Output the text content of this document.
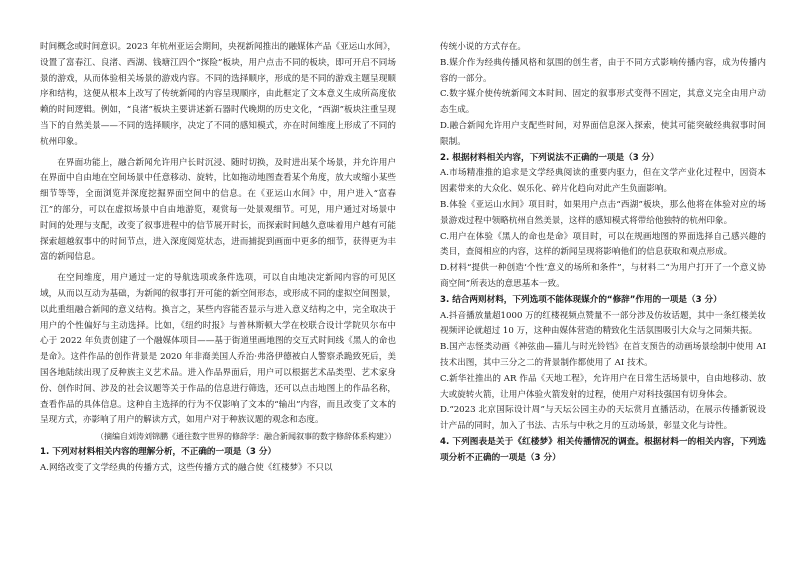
时间概念或时间意识。2023 年杭州亚运会期间，央视新闻推出的融媒体产品《亚运山水间》，设置了富春江、良渚、西湖、钱塘江四个“探险”板块，用户点击不同的板块，即可开启不同场景的游戏，从而体验相关场景的游戏内容。不同的选择顺序，形成的是不同的游戏主题呈现顺序和结构，这便从根本上改写了传统新闻的内容呈现顺序，由此框定了文本意义生成所高度依赖的时间逻辑。例如，“良渚”板块主要讲述新石器时代晚期的历史文化，“西湖”板块注重呈现当下的自然美景——不同的选择顺序，决定了不同的感知模式，亦在时间维度上形成了不同的杭州印象。

在界面功能上，融合新闻允许用户长时沉浸、随时切换，及时进出某个场景，并允许用户在界面中自由地在空间场景中任意移动、旋转，比如拖动地图查看某个角度，放大或缩小某些细节等等，全面浏览并深度挖掘界面空间中的信息。在《亚运山水间》中，用户进入“富春江”的部分，可以在虚拟场景中自由地游览，观赏每一处景观细节。可见，用户通过对场景中时间的处理与支配，改变了叙事进程中的信节展开时长，而探索时间越久意味着用户越有可能探索超越叙事中的时间节点，进入深度阅览状态，进而捕捉到画面中更多的细节，获得更为丰富的新闻信息。

在空间维度，用户通过一定的导航选项或条件选项，可以自由地决定新闻内容的可见区域，从而以互动为基础，为新闻的叙事打开可能的新空间形态，或形成不同的虚拟空间图景，以此重组融合新闻的意义结构。换言之，某些内容能否显示与进入意义结构之中，完全取决于用户的个性偏好与主动选择。比如，《纽约时报》与普林斯顿大学在校联合设计学院贝尔布中心于 2022 年负责创建了一个融媒体项目——基于街道里画地图的交互式时间线《黑人的命也是命》。这件作品的创作背景是 2020 年非裔美国人乔治·弗洛伊德被白人警察杀跪致死后，美国各地陆续出现了反种族主义艺术品。进入作品界面后，用户可以根据艺术品类型、艺术家身份、创作时间、涉及的社会议题等关于作品的信息进行筛选，还可以点击地图上的作品名称，查看作品的具体信息。这种自主选择的行为不仅影响了文本的“输出”内容，而且改变了文本的呈现方式，亦影响了用户的解读方式，如用户对于种族议题的观念和态度。

（摘编自刘涛刘锦鹏《通往数字世界的修辞学：融合新闻叙事的数字修辞体系构建》）

1. 下列对材料相关内容的理解分析，不正确的一项是（3 分）

A.网络改变了文学经典的传播方式，这些传播方式的融合使《红楼梦》不只以

传统小说的方式存在。

B.媒介作为经典传播风格和氛围的创生者，由于不同方式影响传播内容，成为传播内容的一部分。

C.数字媒介使传统新闻文本时间、固定的叙事形式变得不固定，其意义完全由用户动态生成。

D.融合新闻允许用户支配些时间，对界面信息深入探索，使其可能突破经典叙事时间限制。

2. 根据材料相关内容，下列说法不正确的一项是（3 分）

A.市场精准推的追求是文学经典阅读的重要内驱力，但在文学产业化过程中，因资本因素带来的大众化、娱乐化、碎片化趋向对此产生负面影响。

B.体验《亚运山水间》项目时，如果用户点击“西湖”板块，那么他将在体验对应的场景游戏过程中领略杭州自然美景，这样的感知模式将带给他独特的杭州印象。

C.用户在体验《黑人的命也是命》项目时，可以在规画地图的界面选择自己感兴趣的类目，查阅相应的内容，这样的新闻呈现将影响他们的信息获取和观点形成。

D.材料“提供一种创造‘个性’意义的场所和条件”，与材料二“为用户打开了一个意义协商空间”所表达的意思基本一致。

3. 结合两则材料，下列选项不能体现媒介的“修辞”作用的一项是（3 分）

A.抖音播放量超1000 万的红楼视频点赞量不一部分涉及仿妆话题，其中一条红楼美妆视频评论就超过 10 万，这种由媒体营造的精致化生活氛围吸引大众与之同频共振。

B.国产志怪类动画《神弦曲—猫儿与时光铃铛》在首支预告的动画场景绘制中使用 AI 技术出图，其中三分之二的背景制作都使用了 AI 技术。

C.新华社推出的 AR 作品《天地工程》，允许用户在日常生活场景中，自由地移动、放大或旋转火箭，让用户体验火箭发射的过程，使用户对科技强国有切身体会。

D.“2023 北京国际设计周”与天坛公园主办的天坛赏月直播活动，在展示传播新锐设计产品的同时，加入了书法、古乐与中秋之月的互动场景，彰显文化与诗性。

4. 下列图表是关于《红楼梦》相关传播情况的调查。根据材料一的相关内容，下列选项分析不正确的一项是（3 分）
